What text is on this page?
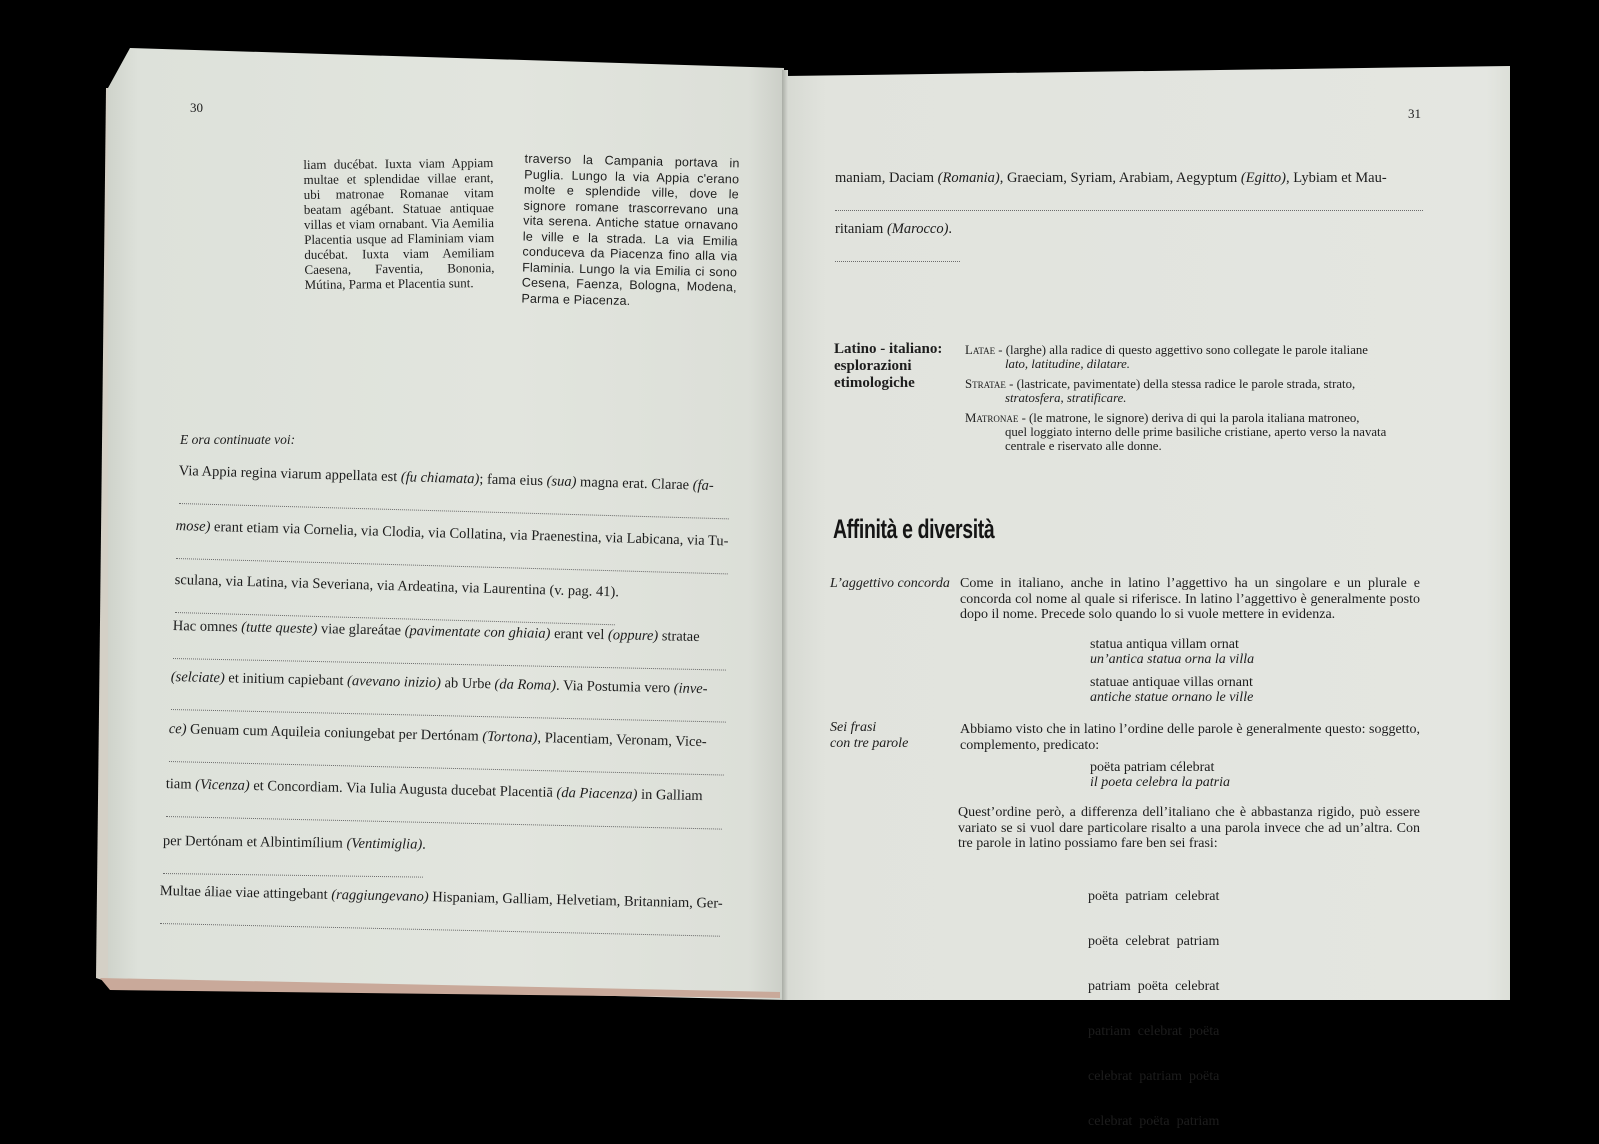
30
liam ducébat. Iuxta viam Appiam multae et splendidae villae erant, ubi matronae Romanae vitam beatam agébant. Statuae antiquae villas et viam ornabant. Via Aemilia Placentia usque ad Flaminiam viam ducébat. Iuxta viam Aemiliam Caesena, Faventia, Bononia, Mútina, Parma et Placentia sunt.
traverso la Campania portava in Puglia. Lungo la via Appia c'erano molte e splendide ville, dove le signore romane trascorrevano una vita serena. Antiche statue ornavano le ville e la strada. La via Emilia conduceva da Piacenza fino alla via Flaminia. Lungo la via Emilia ci sono Cesena, Faenza, Bologna, Modena, Parma e Piacenza.
E ora continuate voi:
Via Appia regina viarum appellata est (fu chiamata); fama eius (sua) magna erat. Clarae (fa-
mose) erant etiam via Cornelia, via Clodia, via Collatina, via Praenestina, via Labicana, via Tu-
sculana, via Latina, via Severiana, via Ardeatina, via Laurentina (v. pag. 41).
Hac omnes (tutte queste) viae glareátae (pavimentate con ghiaia) erant vel (oppure) stratae
(selciate) et initium capiebant (avevano inizio) ab Urbe (da Roma). Via Postumia vero (inve-
ce) Genuam cum Aquileia coniungebat per Dertónam (Tortona), Placentiam, Veronam, Vice-
tiam (Vicenza) et Concordiam. Via Iulia Augusta ducebat Placentiā (da Piacenza) in Galliam
per Dertónam et Albintimílium (Ventimiglia).
Multae áliae viae attingebant (raggiungevano) Hispaniam, Galliam, Helvetiam, Britanniam, Ger-
31
maniam, Daciam (Romania), Graeciam, Syriam, Arabiam, Aegyptum (Egitto), Lybiam et Mau-
ritaniam (Marocco).
Latino - italiano:
esplorazioni
etimologiche
Latae - (larghe) alla radice di questo aggettivo sono collegate le parole italiane
lato, latitudine, dilatare.
Stratae - (lastricate, pavimentate) della stessa radice le parole strada, strato,
stratosfera, stratificare.
Matronae - (le matrone, le signore) deriva di qui la parola italiana matroneo,
quel loggiato interno delle prime basiliche cristiane, aperto verso la navata
centrale e riservato alle donne.
Affinità e diversità
L’aggettivo concorda Come in italiano, anche in latino l’aggettivo ha un singolare e un plurale e concorda col nome al quale si riferisce. In latino l’aggettivo è generalmente posto dopo il nome. Precede solo quando lo si vuole mettere in evidenza.
statua antiqua villam ornat
un’antica statua orna la villa
statuae antiquae villas ornant
antiche statue ornano le ville
Sei frasi
con tre parole
Abbiamo visto che in latino l’ordine delle parole è generalmente questo: soggetto, complemento, predicato:
poëta patriam célebrat
il poeta celebra la patria
Quest’ordine però, a differenza dell’italiano che è abbastanza rigido, può essere variato se si vuol dare particolare risalto a una parola invece che ad un’altra. Con tre parole in latino possiamo fare ben sei frasi:

poëta  patriam  celebrat

poëta  celebrat  patriam

patriam  poëta  celebrat

patriam  celebrat  poëta

celebrat  patriam  poëta

celebrat  poëta  patriam
